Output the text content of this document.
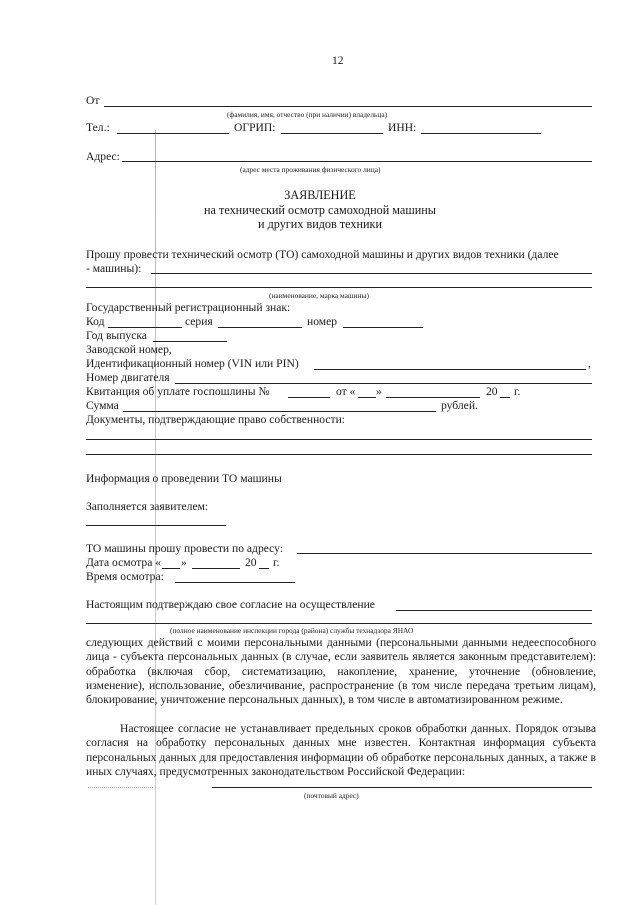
12
От
(фамилия, имя, отчество (при наличии) владельца)
Тел.:	ОГРИП:	ИНН:
Адрес:
(адрес места проживания физического лица)
ЗАЯВЛЕНИЕ
на технический осмотр самоходной машины
и других видов техники
Прошу провести технический осмотр (ТО) самоходной машины и других видов техники (далее
- машины):
(наименование, марка машины)
Государственный регистрационный знак:
Код	серия	номер
Год выпуска
Заводской номер,
Идентификационный номер (VIN или PIN)	,
Номер двигателя
Квитанция об уплате госпошлины №	от « »	20 г.
Сумма	рублей.
Документы, подтверждающие право собственности:
Информация о проведении ТО машины
Заполняется заявителем:
ТО машины прошу провести по адресу:
Дата осмотра « »	20 г.
Время осмотра:
Настоящим подтверждаю свое согласие на осуществление
(полное наименование инспекции города (района) службы технадзора ЯНАО
следующих действий с моими персональными данными (персональными данными недееспособного лица - субъекта персональных данных (в случае, если заявитель является законным представителем): обработка (включая сбор, систематизацию, накопление, хранение, уточнение (обновление, изменение), использование, обезличивание, распространение (в том числе передача третьим лицам), блокирование, уничтожение персональных данных), в том числе в автоматизированном режиме.
Настоящее согласие не устанавливает предельных сроков обработки данных. Порядок отзыва согласия на обработку персональных данных мне известен. Контактная информация субъекта персональных данных для предоставления информации об обработке персональных данных, а также в иных случаях, предусмотренных законодательством Российской Федерации:
(почтовый адрес)
